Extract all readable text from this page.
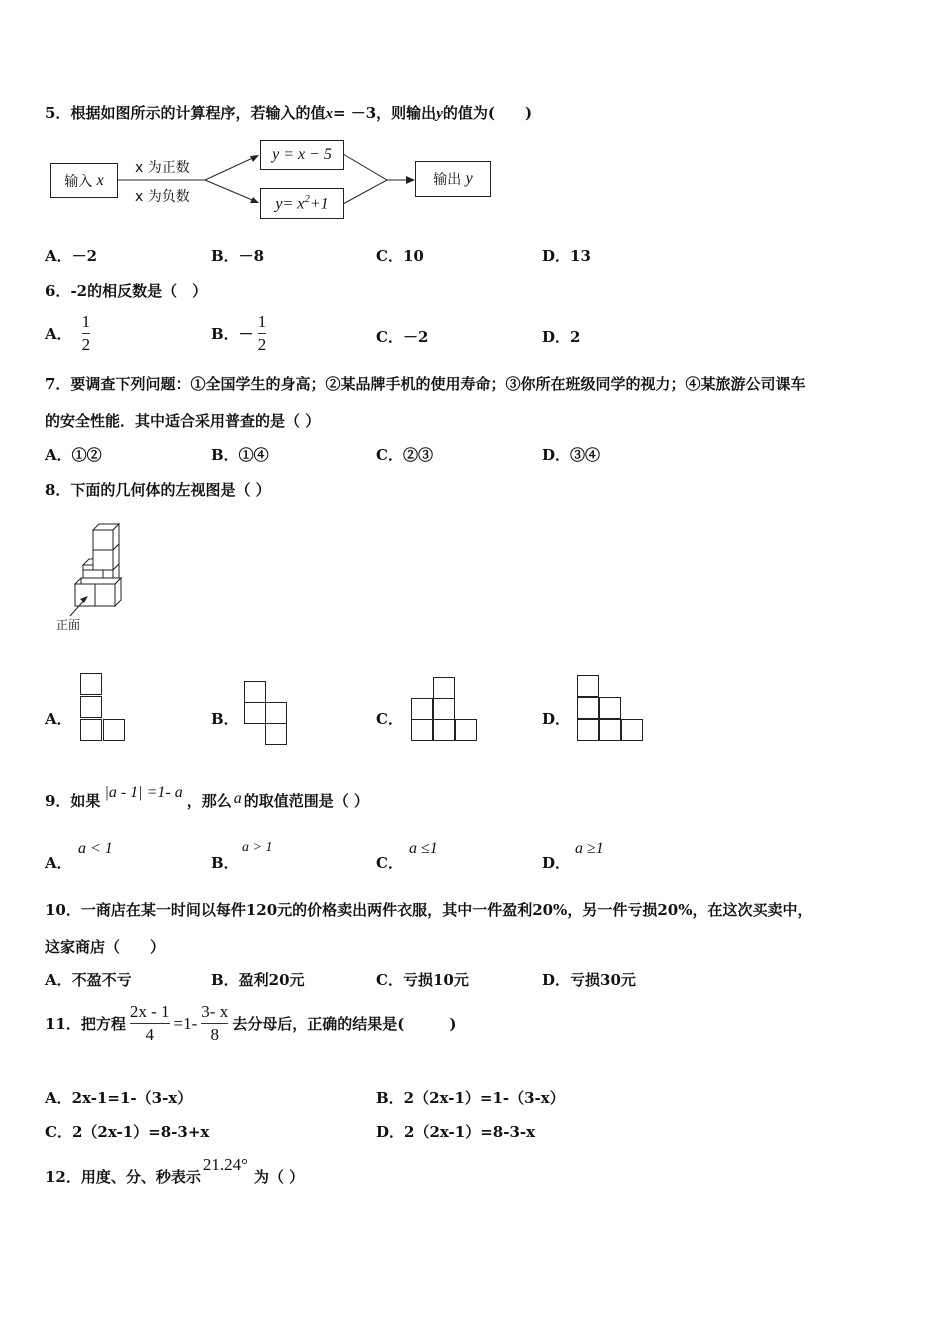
5．根据如图所示的计算程序，若输入的值x= －3，则输出y的值为(　　)
输入
x
x 为正数
x 为负数
y = x − 5
$y= x^2+1$
输出
y
A．－2	B．－8	C．10	D．13
6．-2的相反数是（　）
A． $\frac{1}{2}$	B．－ $\frac{1}{2}$	C．－2	D．2
7．要调查下列问题：①全国学生的身高；②某品牌手机的使用寿命；③你所在班级同学的视力；④某旅游公司课车
的安全性能．其中适合采用普查的是（ ）
A．①②	B．①④	C．②③	D．③④
8．下面的几何体的左视图是（ ）
正面
A．	B．	C．	D．
9．如果 |a - 1| =1- a ，那么 a 的取值范围是（ ）
A．
a < 1
B．
a > 1
C．
a ≤1
D．
a ≥1
10．一商店在某一时间以每件120元的价格卖出两件衣服，其中一件盈利20%，另一件亏损20%，在这次买卖中，
这家商店（　　）
A．不盈不亏	B．盈利20元	C．亏损10元	D．亏损30元
11．把方程 $\frac{2x - 1}{4} =1- \frac{3- x}{8}$ 去分母后，正确的结果是(　　　)
A．2x-1=1-（3-x）	B．2（2x-1）=1-（3-x）
C．2（2x-1）=8-3+x	D．2（2x-1）=8-3-x
12．用度、分、秒表示
21.24°
为（ ）
